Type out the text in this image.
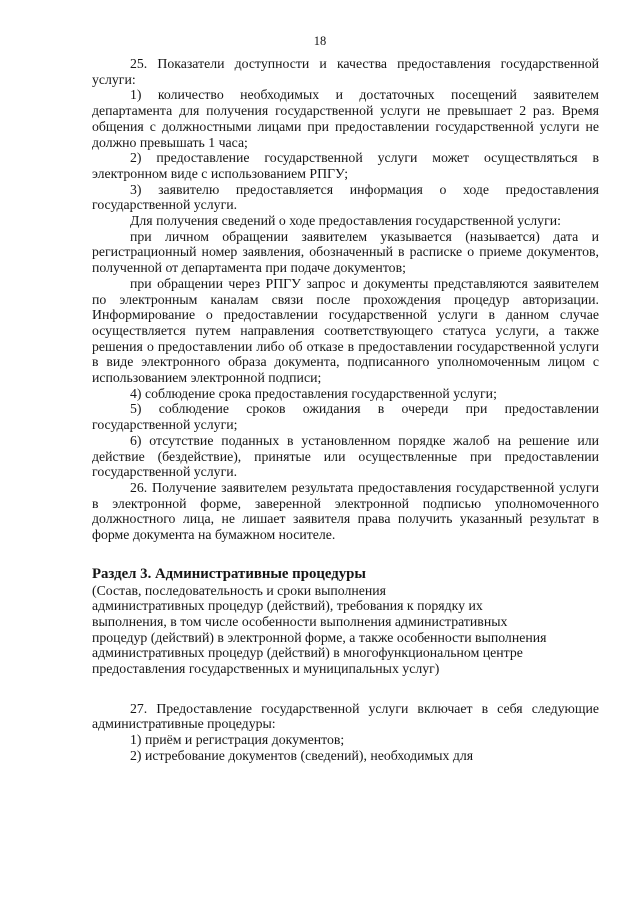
18

25. Показатели доступности и качества предоставления государственной услуги:

1) количество необходимых и достаточных посещений заявителем департамента для получения государственной услуги не превышает 2 раз. Время общения с должностными лицами при предоставлении государственной услуги не должно превышать 1 часа;

2) предоставление государственной услуги может осуществляться в электронном виде с использованием РПГУ;

3) заявителю предоставляется информация о ходе предоставления государственной услуги.

Для получения сведений о ходе предоставления государственной услуги:

при личном обращении заявителем указывается (называется) дата и регистрационный номер заявления, обозначенный в расписке о приеме документов, полученной от департамента при подаче документов;

при обращении через РПГУ запрос и документы представляются заявителем по электронным каналам связи после прохождения процедур авторизации. Информирование о предоставлении государственной услуги в данном случае осуществляется путем направления соответствующего статуса услуги, а также решения о предоставлении либо об отказе в предоставлении государственной услуги в виде электронного образа документа, подписанного уполномоченным лицом с использованием электронной подписи;

4) соблюдение срока предоставления государственной услуги;

5) соблюдение сроков ожидания в очереди при предоставлении государственной услуги;

6) отсутствие поданных в установленном порядке жалоб на решение или действие (бездействие), принятые или осуществленные при предоставлении государственной услуги.

26. Получение заявителем результата предоставления государственной услуги в электронной форме, заверенной электронной подписью уполномоченного должностного лица, не лишает заявителя права получить указанный результат в форме документа на бумажном носителе.

Раздел 3. Административные процедуры

(Состав, последовательность и сроки выполнения

административных процедур (действий), требования к порядку их

выполнения, в том числе особенности выполнения административных

процедур (действий) в электронной форме, а также особенности выполнения

административных процедур (действий) в многофункциональном центре

предоставления государственных и муниципальных услуг)

27. Предоставление государственной услуги включает в себя следующие административные процедуры:

1) приём и регистрация документов;

2) истребование документов (сведений), необходимых для
